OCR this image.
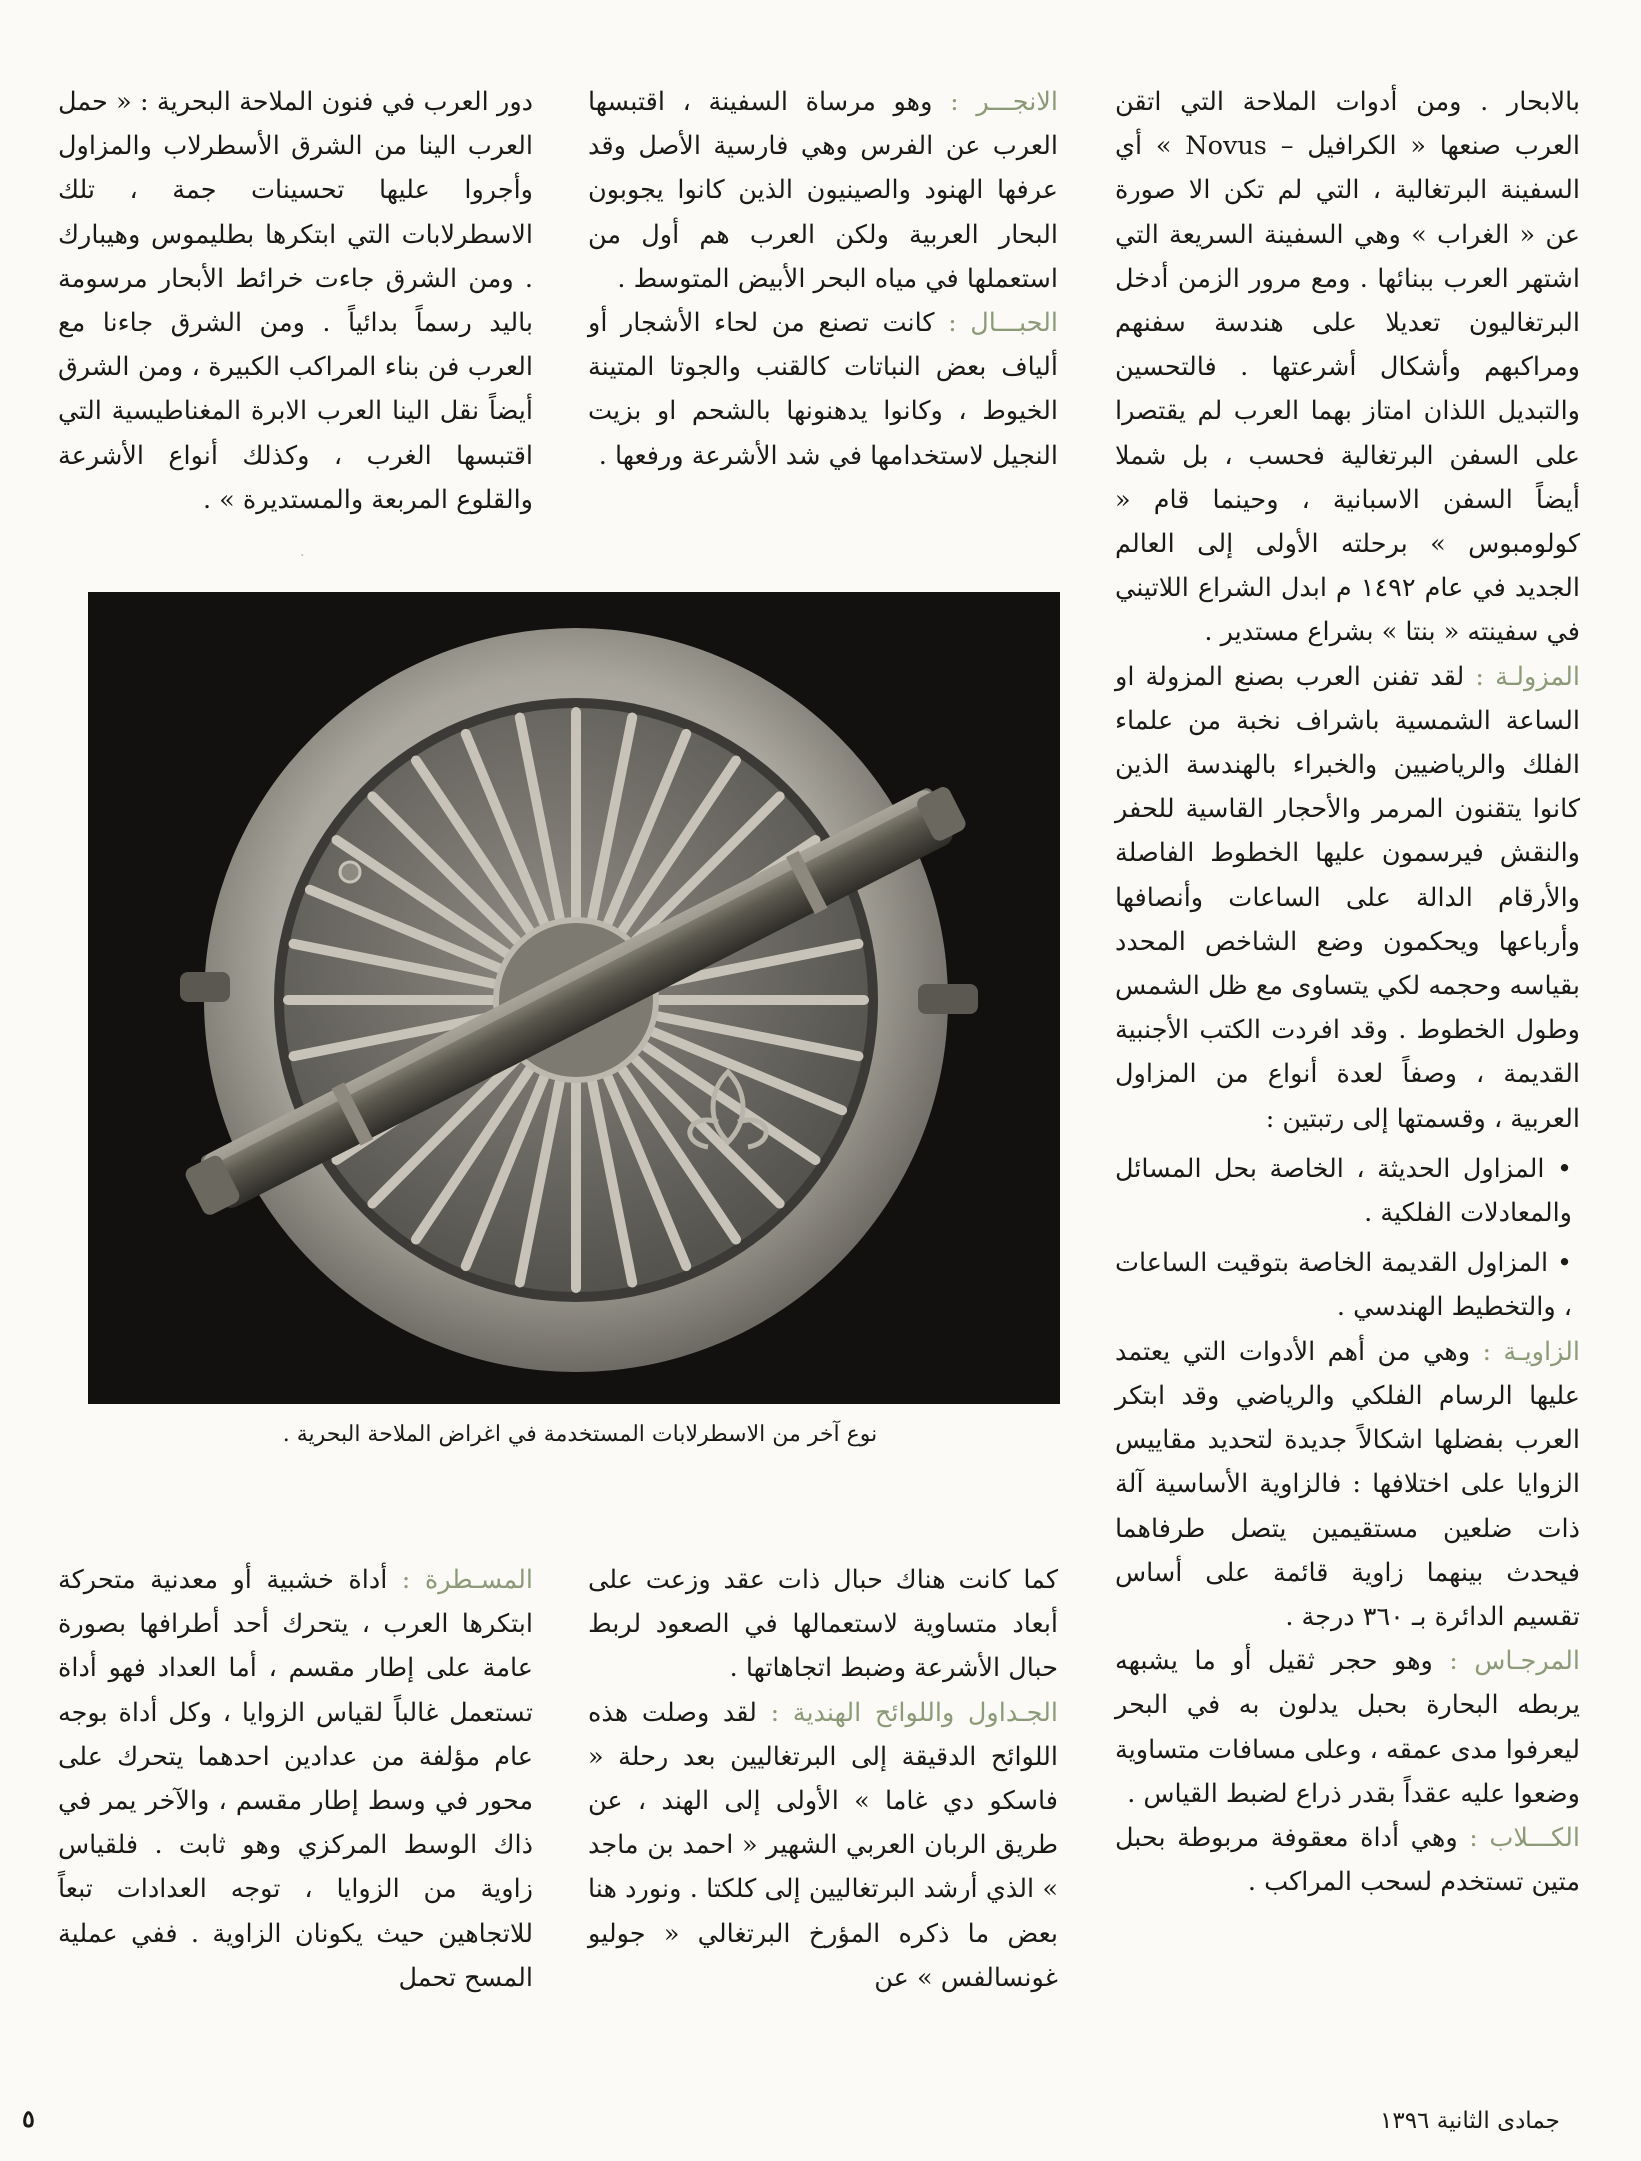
بالابحار . ومن أدوات الملاحة التي اتقن العرب صنعها « الكرافيل – Novus » أي السفينة البرتغالية ، التي لم تكن الا صورة عن « الغراب » وهي السفينة السريعة التي اشتهر العرب ببنائها . ومع مرور الزمن أدخل البرتغاليون تعديلا على هندسة سفنهم ومراكبهم وأشكال أشرعتها . فالتحسين والتبديل اللذان امتاز بهما العرب لم يقتصرا على السفن البرتغالية فحسب ، بل شملا أيضاً السفن الاسبانية ، وحينما قام « كولومبوس » برحلته الأولى إلى العالم الجديد في عام ١٤٩٢ م ابدل الشراع اللاتيني في سفينته « بنتا » بشراع مستدير .

المزولـة : لقد تفنن العرب بصنع المزولة او الساعة الشمسية باشراف نخبة من علماء الفلك والرياضيين والخبراء بالهندسة الذين كانوا يتقنون المرمر والأحجار القاسية للحفر والنقش فيرسمون عليها الخطوط الفاصلة والأرقام الدالة على الساعات وأنصافها وأرباعها ويحكمون وضع الشاخص المحدد بقياسه وحجمه لكي يتساوى مع ظل الشمس وطول الخطوط . وقد افردت الكتب الأجنبية القديمة ، وصفاً لعدة أنواع من المزاول العربية ، وقسمتها إلى رتبتين :

• المزاول الحديثة ، الخاصة بحل المسائل والمعادلات الفلكية .

• المزاول القديمة الخاصة بتوقيت الساعات ، والتخطيط الهندسي .

الزاويـة : وهي من أهم الأدوات التي يعتمد عليها الرسام الفلكي والرياضي وقد ابتكر العرب بفضلها اشكالاً جديدة لتحديد مقاييس الزوايا على اختلافها : فالزاوية الأساسية آلة ذات ضلعين مستقيمين يتصل طرفاهما فيحدث بينهما زاوية قائمة على أساس تقسيم الدائرة بـ ٣٦٠ درجة .

المرجـاس : وهو حجر ثقيل أو ما يشبهه يربطه البحارة بحبل يدلون به في البحر ليعرفوا مدى عمقه ، وعلى مسافات متساوية وضعوا عليه عقداً بقدر ذراع لضبط القياس .

الكـــلاب : وهي أداة معقوفة مربوطة بحبل متين تستخدم لسحب المراكب .

الانجـــر : وهو مرساة السفينة ، اقتبسها العرب عن الفرس وهي فارسية الأصل وقد عرفها الهنود والصينيون الذين كانوا يجوبون البحار العربية ولكن العرب هم أول من استعملها في مياه البحر الأبيض المتوسط .

الحبـــال : كانت تصنع من لحاء الأشجار أو ألياف بعض النباتات كالقنب والجوتا المتينة الخيوط ، وكانوا يدهنونها بالشحم او بزيت النجيل لاستخدامها في شد الأشرعة ورفعها .

دور العرب في فنون الملاحة البحرية : « حمل العرب الينا من الشرق الأسطرلاب والمزاول وأجروا عليها تحسينات جمة ، تلك الاسطرلابات التي ابتكرها بطليموس وهيبارك . ومن الشرق جاءت خرائط الأبحار مرسومة باليد رسماً بدائياً . ومن الشرق جاءنا مع العرب فن بناء المراكب الكبيرة ، ومن الشرق أيضاً نقل الينا العرب الابرة المغناطيسية التي اقتبسها الغرب ، وكذلك أنواع الأشرعة والقلوع المربعة والمستديرة » .

·
نوع آخر من الاسطرلابات المستخدمة في اغراض الملاحة البحرية .

كما كانت هناك حبال ذات عقد وزعت على أبعاد متساوية لاستعمالها في الصعود لربط حبال الأشرعة وضبط اتجاهاتها .

الجـداول واللوائح الهندية : لقد وصلت هذه اللوائح الدقيقة إلى البرتغاليين بعد رحلة « فاسكو دي غاما » الأولى إلى الهند ، عن طريق الربان العربي الشهير « احمد بن ماجد » الذي أرشد البرتغاليين إلى كلكتا . ونورد هنا بعض ما ذكره المؤرخ البرتغالي « جوليو غونسالفس » عن

المسـطرة : أداة خشبية أو معدنية متحركة ابتكرها العرب ، يتحرك أحد أطرافها بصورة عامة على إطار مقسم ، أما العداد فهو أداة تستعمل غالباً لقياس الزوايا ، وكل أداة بوجه عام مؤلفة من عدادين احدهما يتحرك على محور في وسط إطار مقسم ، والآخر يمر في ذاك الوسط المركزي وهو ثابت . فلقياس زاوية من الزوايا ، توجه العدادات تبعاً للاتجاهين حيث يكونان الزاوية . ففي عملية المسح تحمل

جمادى الثانية ١٣٩٦
٥
